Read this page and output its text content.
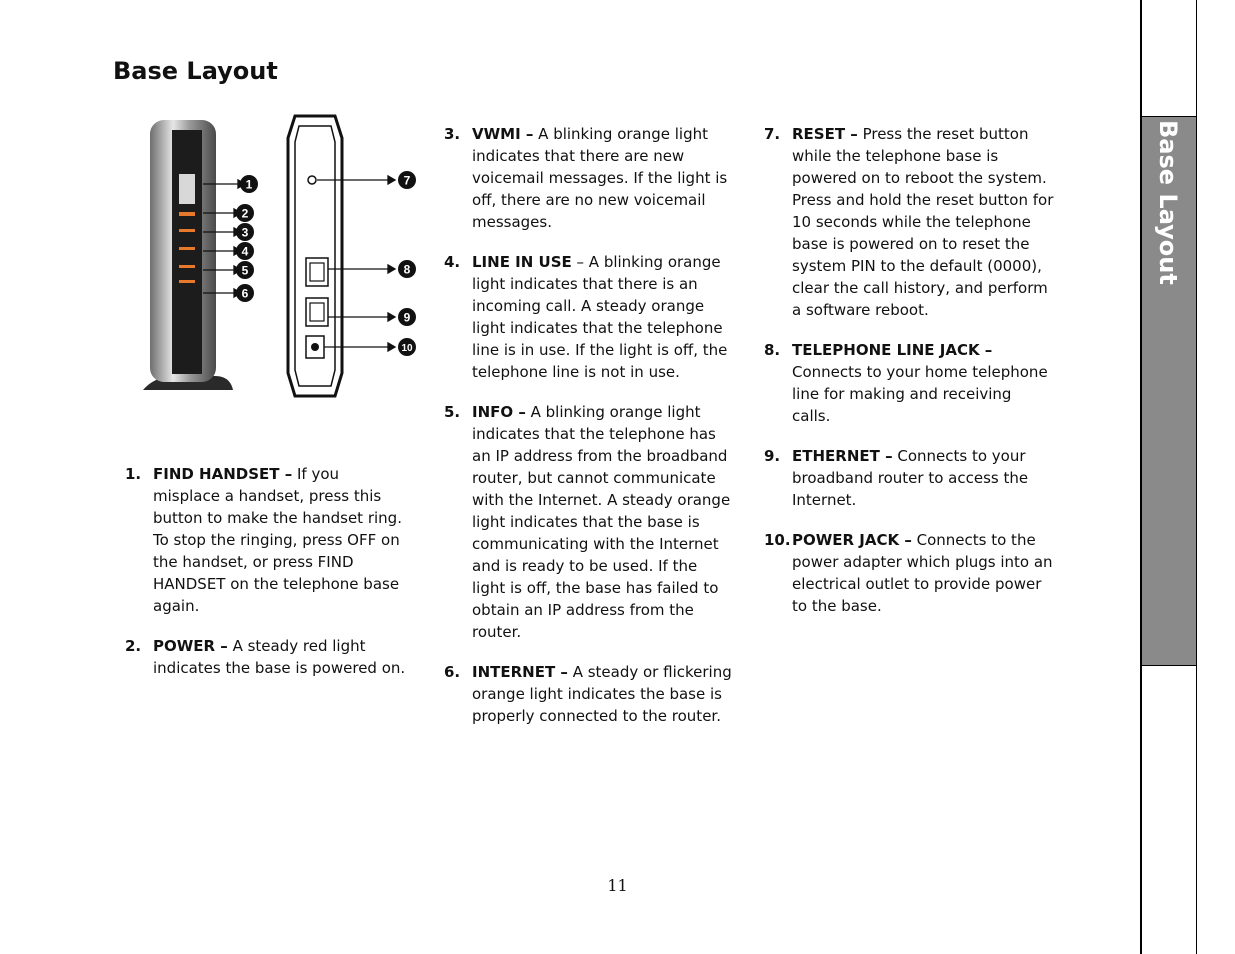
Base Layout
1
2
3
4
5
6
7
8
9
10
1. FIND HANDSET – If you misplace a handset, press this button to make the handset ring. To stop the ringing, press OFF on the handset, or press FIND HANDSET on the telephone base again.
2. POWER – A steady red light indicates the base is powered on.
3. VWMI – A blinking orange light indicates that there are new voicemail messages. If the light is off, there are no new voicemail messages.
4. LINE IN USE – A blinking orange light indicates that there is an incoming call. A steady orange light indicates that the telephone line is in use. If the light is off, the telephone line is not in use.
5. INFO – A blinking orange light indicates that the telephone has an IP address from the broadband router, but cannot communicate with the Internet. A steady orange light indicates that the base is communicating with the Internet and is ready to be used. If the light is off, the base has failed to obtain an IP address from the router.
6. INTERNET – A steady or flickering orange light indicates the base is properly connected to the router.
7. RESET – Press the reset button while the telephone base is powered on to reboot the system. Press and hold the reset button for 10 seconds while the telephone base is powered on to reset the system PIN to the default (0000), clear the call history, and perform a software reboot.
8. TELEPHONE LINE JACK – Connects to your home telephone line for making and receiving calls.
9. ETHERNET – Connects to your broadband router to access the Internet.
10. POWER JACK – Connects to the power adapter which plugs into an electrical outlet to provide power to the base.
11
Base Layout
